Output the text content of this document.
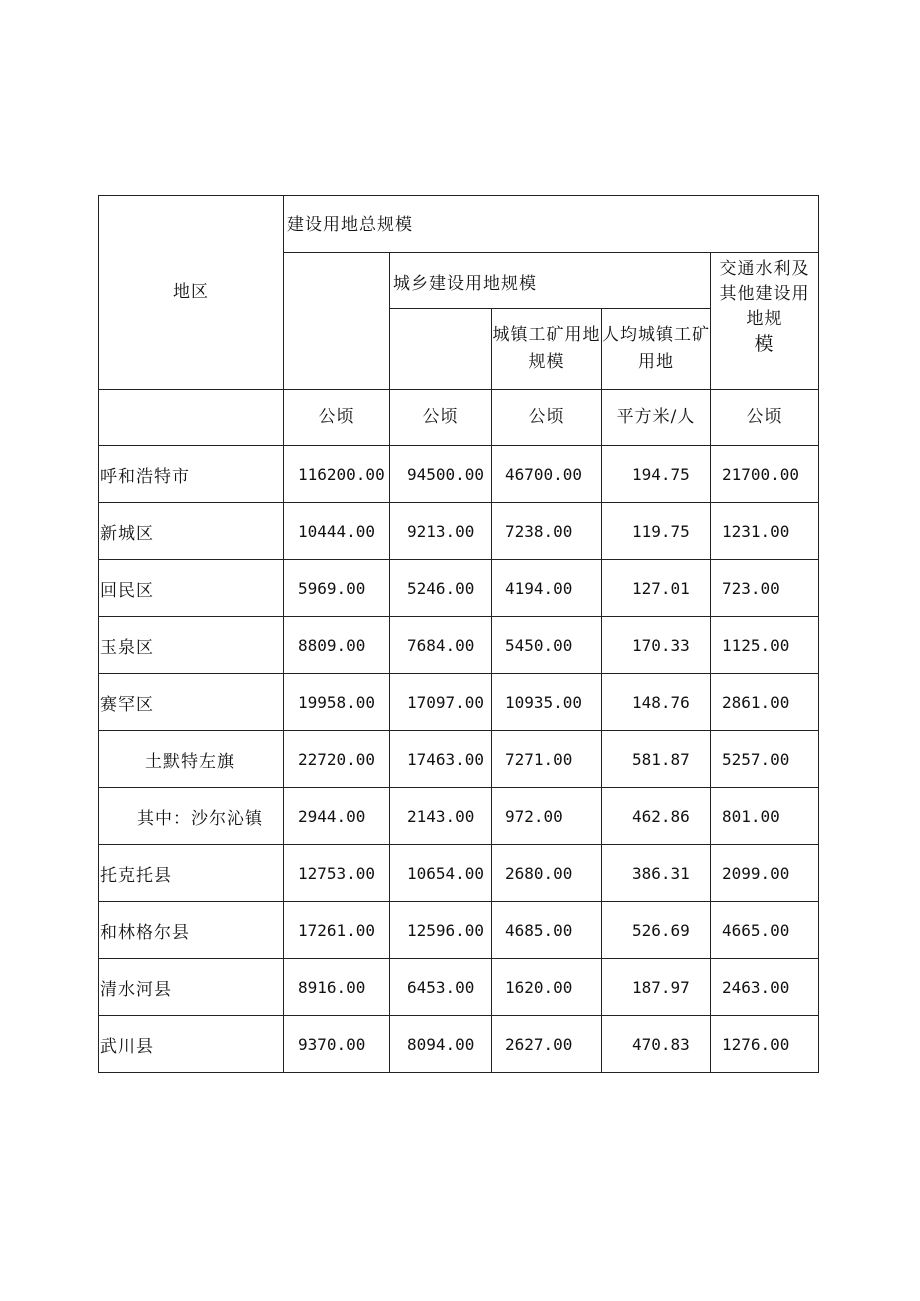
地区	建设用地总规模				
		城乡建设用地规模			交通水利及其他建设用地规
模
			城镇工矿用地规模	人均城镇工矿用地	
	公顷	公顷	公顷	平方米/人	公顷
呼和浩特市	116200.00	94500.00	46700.00	194.75	21700.00
新城区	10444.00	9213.00	7238.00	119.75	1231.00
回民区	5969.00	5246.00	4194.00	127.01	723.00
玉泉区	8809.00	7684.00	5450.00	170.33	1125.00
赛罕区	19958.00	17097.00	10935.00	148.76	2861.00
土默特左旗	22720.00	17463.00	7271.00	581.87	5257.00
其中：沙尔沁镇	2944.00	2143.00	972.00	462.86	801.00
托克托县	12753.00	10654.00	2680.00	386.31	2099.00
和林格尔县	17261.00	12596.00	4685.00	526.69	4665.00
清水河县	8916.00	6453.00	1620.00	187.97	2463.00
武川县	9370.00	8094.00	2627.00	470.83	1276.00
